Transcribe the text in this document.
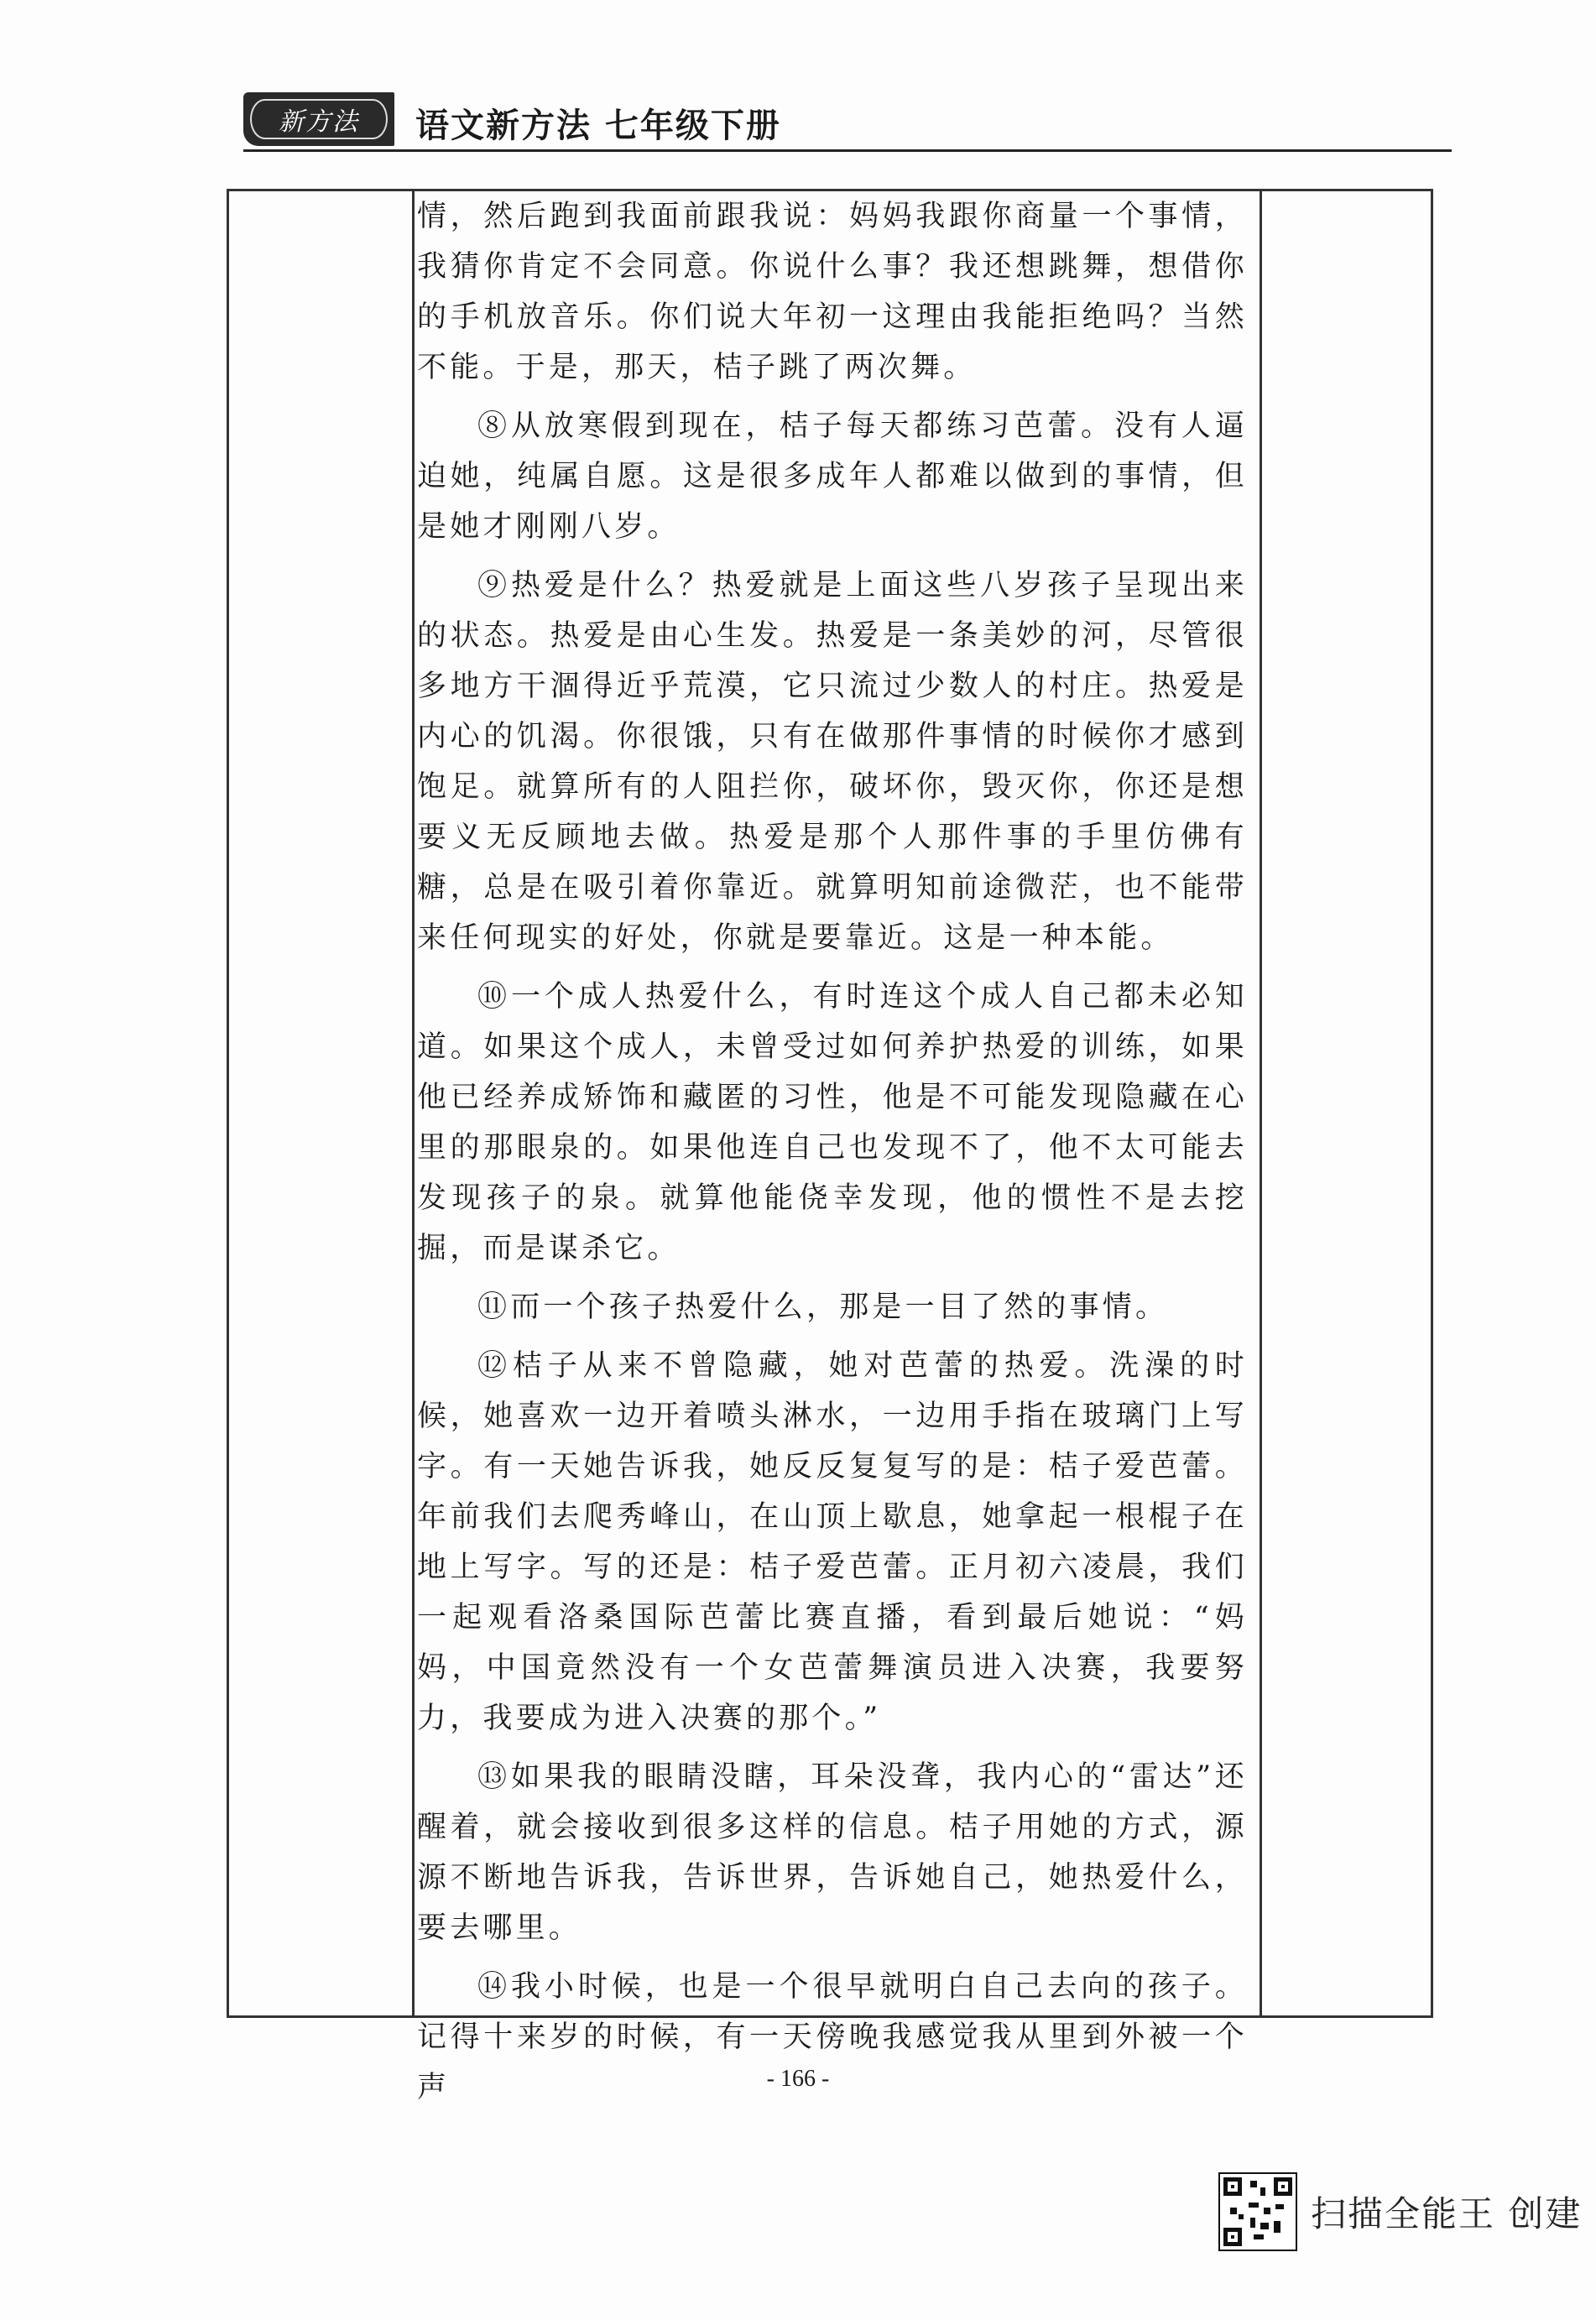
新方法 语文新方法 七年级下册

情，然后跑到我面前跟我说：妈妈我跟你商量一个事情，我猜你肯定不会同意。你说什么事？我还想跳舞，想借你的手机放音乐。你们说大年初一这理由我能拒绝吗？当然不能。于是，那天，桔子跳了两次舞。

⑧从放寒假到现在，桔子每天都练习芭蕾。没有人逼迫她，纯属自愿。这是很多成年人都难以做到的事情，但是她才刚刚八岁。

⑨热爱是什么？热爱就是上面这些八岁孩子呈现出来的状态。热爱是由心生发。热爱是一条美妙的河，尽管很多地方干涸得近乎荒漠，它只流过少数人的村庄。热爱是内心的饥渴。你很饿，只有在做那件事情的时候你才感到饱足。就算所有的人阻拦你，破坏你，毁灭你，你还是想要义无反顾地去做。热爱是那个人那件事的手里仿佛有糖，总是在吸引着你靠近。就算明知前途微茫，也不能带来任何现实的好处，你就是要靠近。这是一种本能。

⑩一个成人热爱什么，有时连这个成人自己都未必知道。如果这个成人，未曾受过如何养护热爱的训练，如果他已经养成矫饰和藏匿的习性，他是不可能发现隐藏在心里的那眼泉的。如果他连自己也发现不了，他不太可能去发现孩子的泉。就算他能侥幸发现，他的惯性不是去挖掘，而是谋杀它。

⑪而一个孩子热爱什么，那是一目了然的事情。

⑫桔子从来不曾隐藏，她对芭蕾的热爱。洗澡的时候，她喜欢一边开着喷头淋水，一边用手指在玻璃门上写字。有一天她告诉我，她反反复复写的是：桔子爱芭蕾。年前我们去爬秀峰山，在山顶上歇息，她拿起一根棍子在地上写字。写的还是：桔子爱芭蕾。正月初六凌晨，我们一起观看洛桑国际芭蕾比赛直播，看到最后她说：“妈妈，中国竟然没有一个女芭蕾舞演员进入决赛，我要努力，我要成为进入决赛的那个。”

⑬如果我的眼睛没瞎，耳朵没聋，我内心的“雷达”还醒着，就会接收到很多这样的信息。桔子用她的方式，源源不断地告诉我，告诉世界，告诉她自己，她热爱什么，要去哪里。

⑭我小时候，也是一个很早就明白自己去向的孩子。记得十来岁的时候，有一天傍晚我感觉我从里到外被一个声	- 166 -
扫描全能王 创建
